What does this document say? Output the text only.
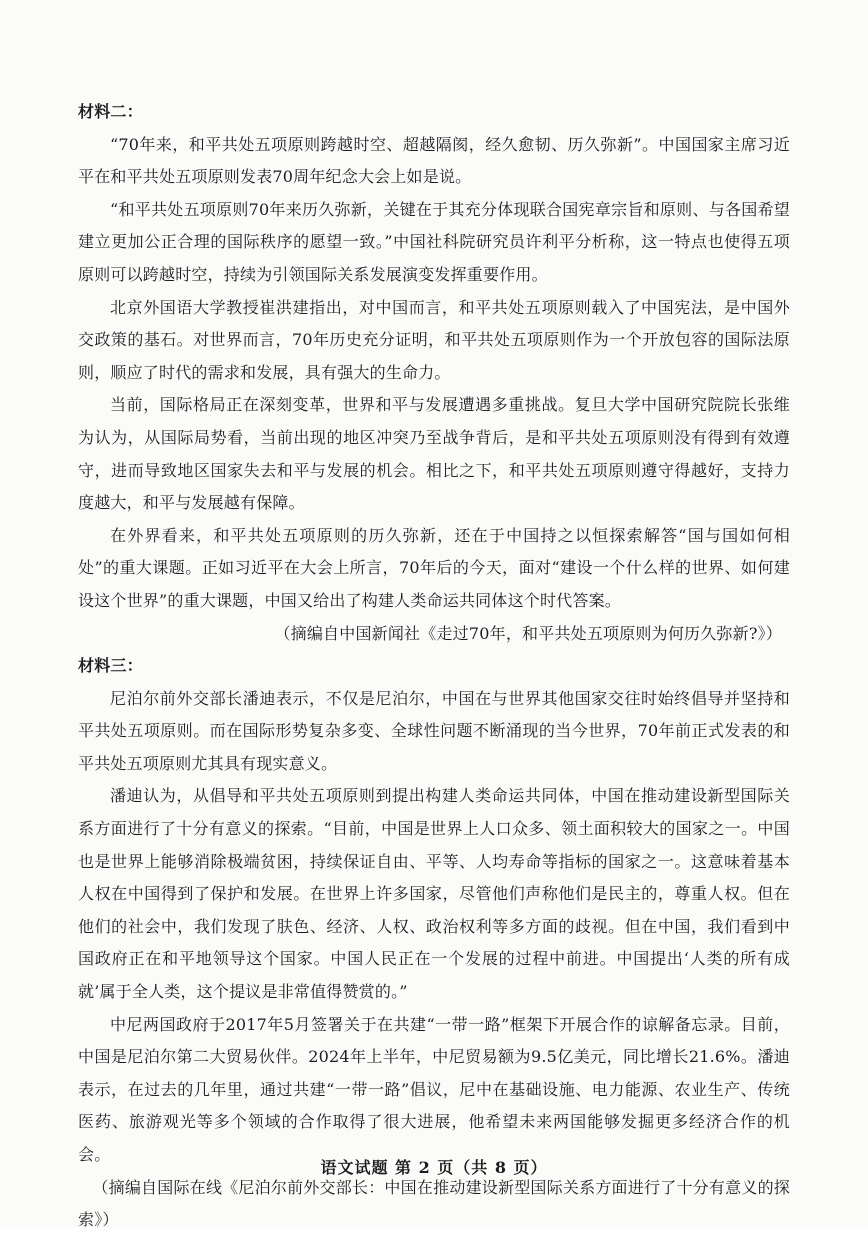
材料二：

“70年来，和平共处五项原则跨越时空、超越隔阂，经久愈韧、历久弥新”。中国国家主席习近平在和平共处五项原则发表70周年纪念大会上如是说。

“和平共处五项原则70年来历久弥新，关键在于其充分体现联合国宪章宗旨和原则、与各国希望建立更加公正合理的国际秩序的愿望一致。”中国社科院研究员许利平分析称，这一特点也使得五项原则可以跨越时空，持续为引领国际关系发展演变发挥重要作用。

北京外国语大学教授崔洪建指出，对中国而言，和平共处五项原则载入了中国宪法，是中国外交政策的基石。对世界而言，70年历史充分证明，和平共处五项原则作为一个开放包容的国际法原则，顺应了时代的需求和发展，具有强大的生命力。

当前，国际格局正在深刻变革，世界和平与发展遭遇多重挑战。复旦大学中国研究院院长张维为认为，从国际局势看，当前出现的地区冲突乃至战争背后，是和平共处五项原则没有得到有效遵守，进而导致地区国家失去和平与发展的机会。相比之下，和平共处五项原则遵守得越好，支持力度越大，和平与发展越有保障。

在外界看来，和平共处五项原则的历久弥新，还在于中国持之以恒探索解答“国与国如何相处”的重大课题。正如习近平在大会上所言，70年后的今天，面对“建设一个什么样的世界、如何建设这个世界”的重大课题，中国又给出了构建人类命运共同体这个时代答案。

（摘编自中国新闻社《走过70年，和平共处五项原则为何历久弥新?》）

材料三：

尼泊尔前外交部长潘迪表示，不仅是尼泊尔，中国在与世界其他国家交往时始终倡导并坚持和平共处五项原则。而在国际形势复杂多变、全球性问题不断涌现的当今世界，70年前正式发表的和平共处五项原则尤其具有现实意义。

潘迪认为，从倡导和平共处五项原则到提出构建人类命运共同体，中国在推动建设新型国际关系方面进行了十分有意义的探索。“目前，中国是世界上人口众多、领土面积较大的国家之一。中国也是世界上能够消除极端贫困，持续保证自由、平等、人均寿命等指标的国家之一。这意味着基本人权在中国得到了保护和发展。在世界上许多国家，尽管他们声称他们是民主的，尊重人权。但在他们的社会中，我们发现了肤色、经济、人权、政治权利等多方面的歧视。但在中国，我们看到中国政府正在和平地领导这个国家。中国人民正在一个发展的过程中前进。中国提出‘人类的所有成就’属于全人类，这个提议是非常值得赞赏的。”

中尼两国政府于2017年5月签署关于在共建“一带一路”框架下开展合作的谅解备忘录。目前，中国是尼泊尔第二大贸易伙伴。2024年上半年，中尼贸易额为9.5亿美元，同比增长21.6%。潘迪表示，在过去的几年里，通过共建“一带一路”倡议，尼中在基础设施、电力能源、农业生产、传统医药、旅游观光等多个领域的合作取得了很大进展，他希望未来两国能够发掘更多经济合作的机会。

（摘编自国际在线《尼泊尔前外交部长：中国在推动建设新型国际关系方面进行了十分有意义的探索》）

语文试题 第 2 页（共 8 页）
